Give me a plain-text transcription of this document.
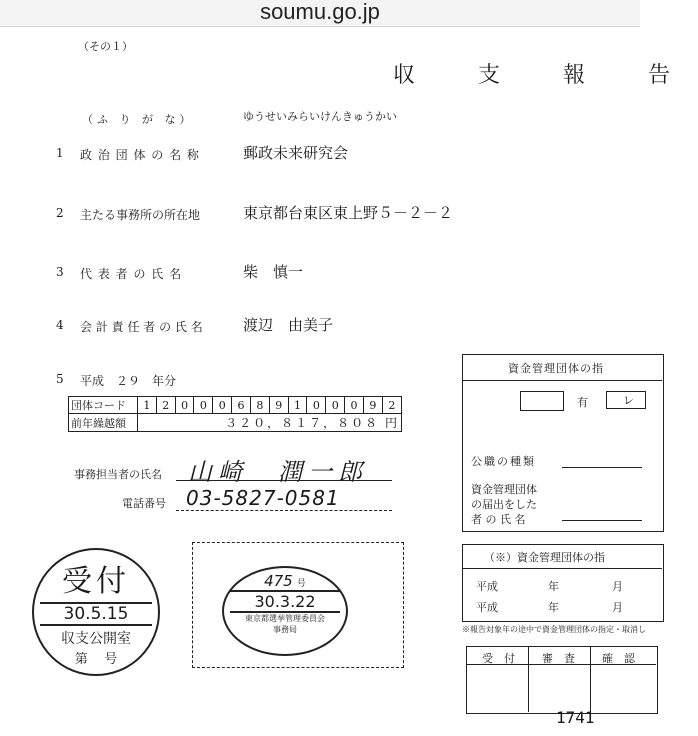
soumu.go.jp
（その１）
収 支 報 告
（ふ り が な）	ゆうせいみらいけんきゅうかい
1 政 治 団 体 の 名 称	郵政未来研究会
2 主たる事務所の所在地	東京都台東区東上野５－２－２
3 代 表 者 の 氏 名	柴　慎一
4 会 計 責 任 者 の 氏 名	渡辺　由美子
5 平成　２９　年分
団体コード	1	2	0	0	0	6	8	9	1	0	0	0	9	2
前年繰越額	３２０，８１７，８０８ 円													
事務担当者の氏名 山崎　潤一郎
電話番号 03-5827-0581
資金管理団体の指
有	レ
公職の種類
資金管理団体
の届出をした
者 の 氏 名
（※）資金管理団体の指
平成	年	月
平成	年	月
※報告対象年の途中で資金管理団体の指定・取消し
受　付 審　査 確　認
受付
30.5.15
収支公開室
第 号
475 号
30.3.22
東京都選挙管理委員会
事務局
1741
